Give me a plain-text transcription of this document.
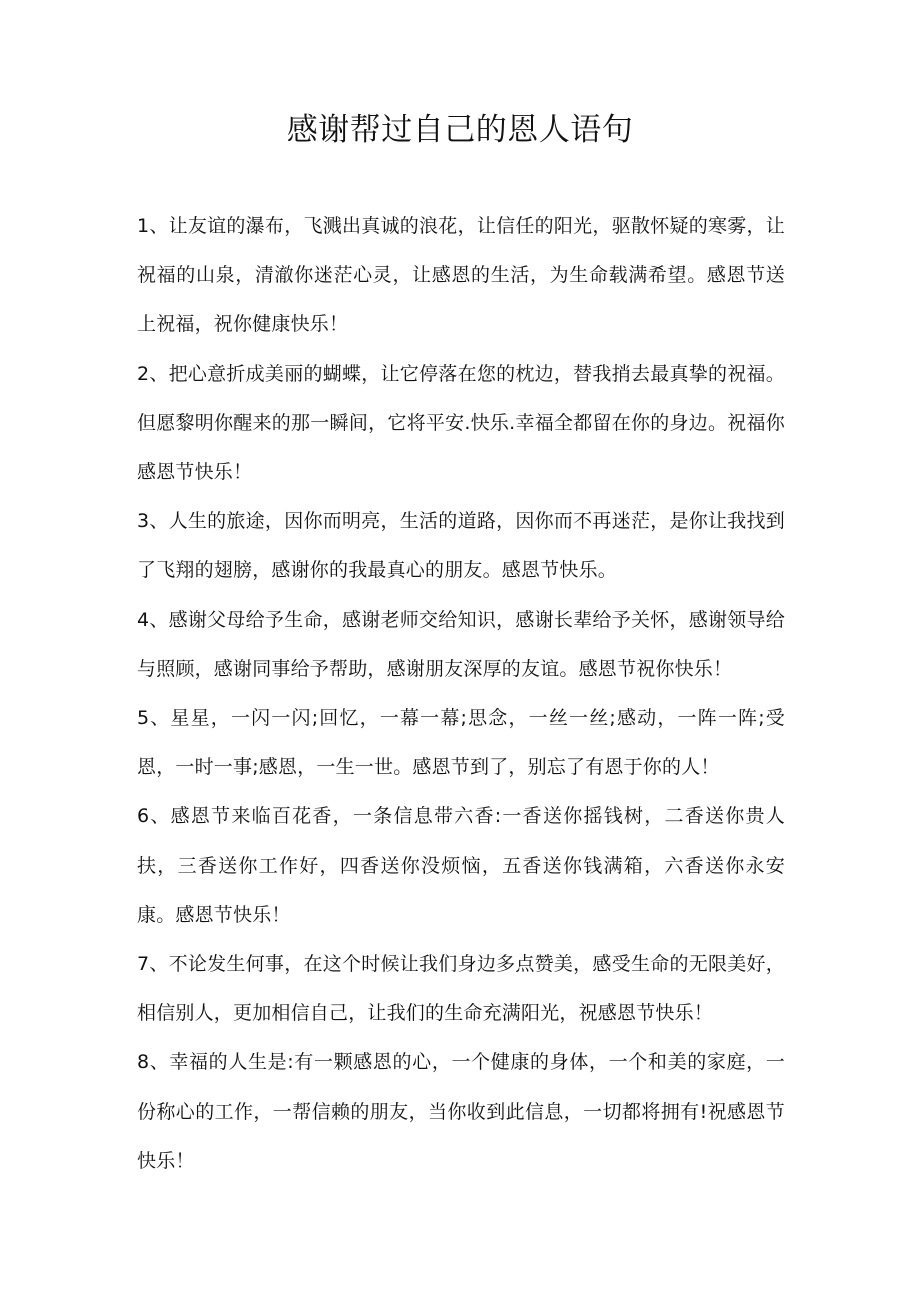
感谢帮过自己的恩人语句

1、让友谊的瀑布，飞溅出真诚的浪花，让信任的阳光，驱散怀疑的寒雾，让祝福的山泉，清澈你迷茫心灵，让感恩的生活，为生命载满希望。感恩节送上祝福，祝你健康快乐！

2、把心意折成美丽的蝴蝶，让它停落在您的枕边，替我捎去最真挚的祝福。但愿黎明你醒来的那一瞬间，它将平安.快乐.幸福全都留在你的身边。祝福你感恩节快乐！

3、人生的旅途，因你而明亮，生活的道路，因你而不再迷茫，是你让我找到了飞翔的翅膀，感谢你的我最真心的朋友。感恩节快乐。

4、感谢父母给予生命，感谢老师交给知识，感谢长辈给予关怀，感谢领导给与照顾，感谢同事给予帮助，感谢朋友深厚的友谊。感恩节祝你快乐！

5、星星，一闪一闪;回忆，一幕一幕;思念，一丝一丝;感动，一阵一阵;受恩，一时一事;感恩，一生一世。感恩节到了，别忘了有恩于你的人！

6、感恩节来临百花香，一条信息带六香:一香送你摇钱树，二香送你贵人扶，三香送你工作好，四香送你没烦恼，五香送你钱满箱，六香送你永安康。感恩节快乐！

7、不论发生何事，在这个时候让我们身边多点赞美，感受生命的无限美好，相信别人，更加相信自己，让我们的生命充满阳光，祝感恩节快乐！

8、幸福的人生是:有一颗感恩的心，一个健康的身体，一个和美的家庭，一份称心的工作，一帮信赖的朋友，当你收到此信息，一切都将拥有!祝感恩节快乐！
